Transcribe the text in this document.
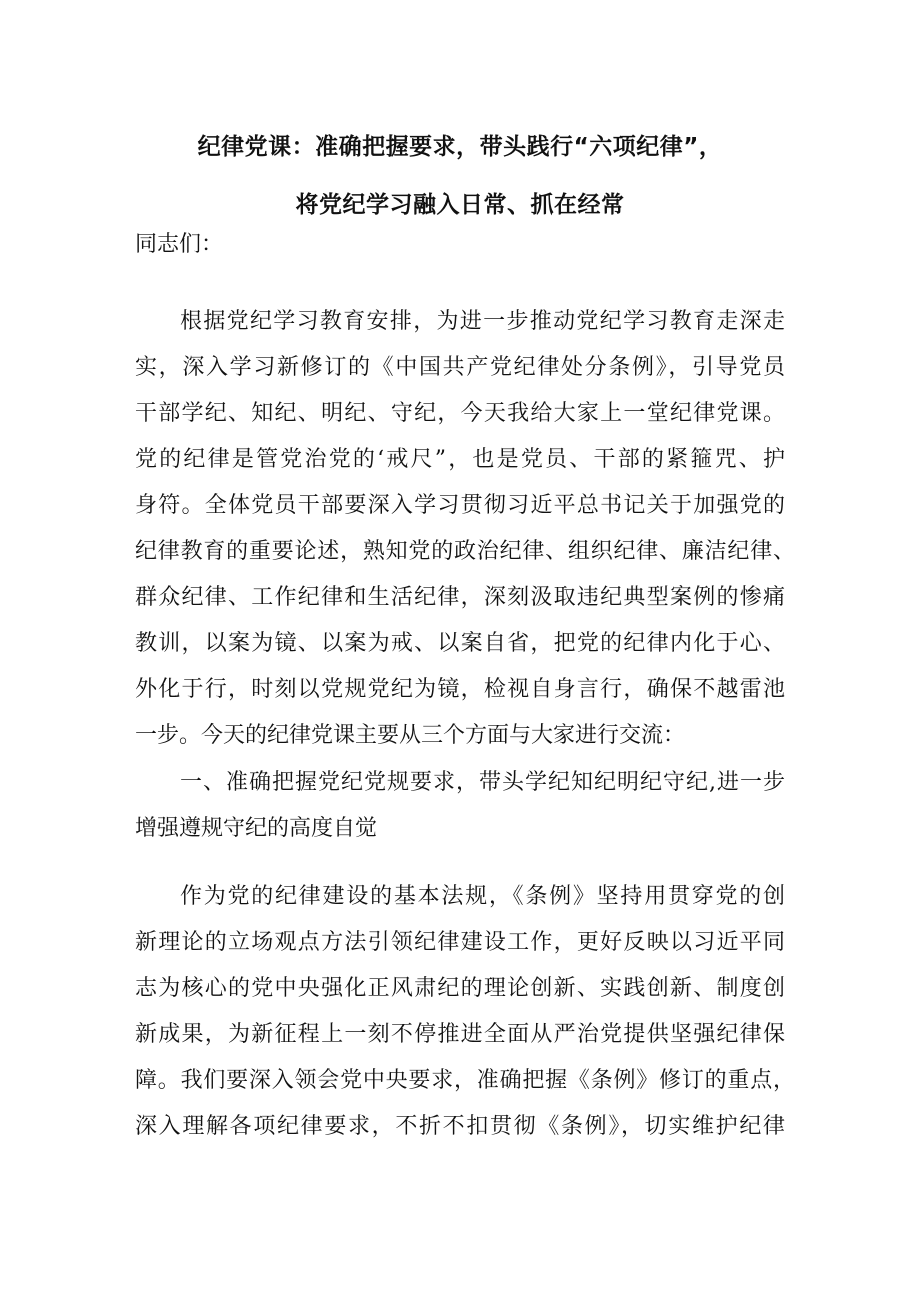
纪律党课：准确把握要求，带头践行“六项纪律”，
将党纪学习融入日常、抓在经常
同志们：
根据党纪学习教育安排，为进一步推动党纪学习教育走深走
实，深入学习新修订的《中国共产党纪律处分条例》，引导党员
干部学纪、知纪、明纪、守纪，今天我给大家上一堂纪律党课。
党的纪律是管党治党的‘戒尺”，也是党员、干部的紧箍咒、护
身符。全体党员干部要深入学习贯彻习近平总书记关于加强党的
纪律教育的重要论述，熟知党的政治纪律、组织纪律、廉洁纪律、
群众纪律、工作纪律和生活纪律，深刻汲取违纪典型案例的惨痛
教训，以案为镜、以案为戒、以案自省，把党的纪律内化于心、
外化于行，时刻以党规党纪为镜，检视自身言行，确保不越雷池
一步。今天的纪律党课主要从三个方面与大家进行交流：
一、准确把握党纪党规要求，带头学纪知纪明纪守纪,进一步
增强遵规守纪的高度自觉
作为党的纪律建设的基本法规，《条例》坚持用贯穿党的创
新理论的立场观点方法引领纪律建设工作，更好反映以习近平同
志为核心的党中央强化正风肃纪的理论创新、实践创新、制度创
新成果，为新征程上一刻不停推进全面从严治党提供坚强纪律保
障。我们要深入领会党中央要求，准确把握《条例》修订的重点，
深入理解各项纪律要求，不折不扣贯彻《条例》，切实维护纪律
